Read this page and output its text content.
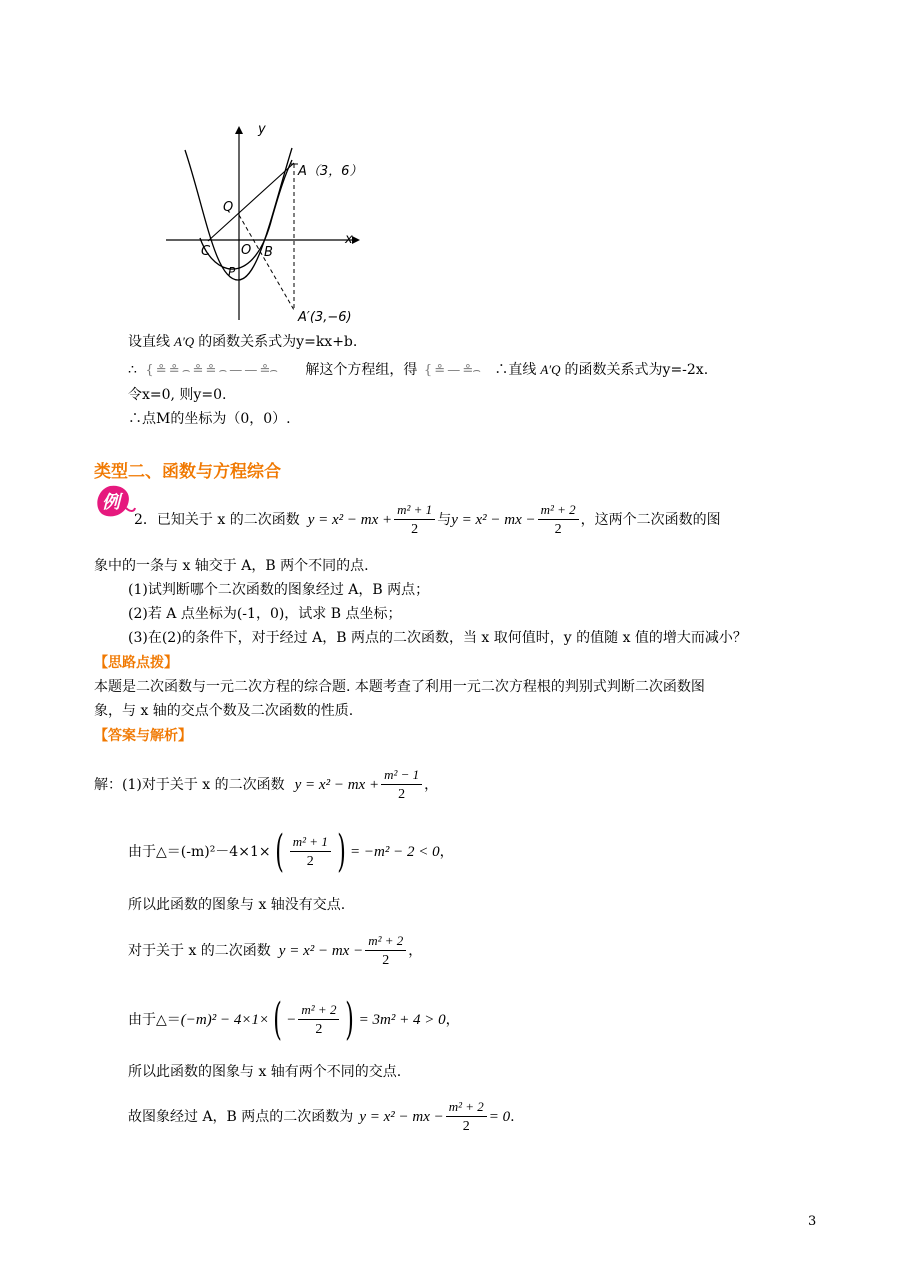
y
x
A（3，6）
Q
C O B
P
A′(3,−6)
设直线 A′Q 的函数关系式为y=kx+b.
∴ { ≗ ≗ ⌢ ≗ ≗ ⌢ — — ≗⌢ 解这个方程组，得 { ≗ — ≗⌢ ∴直线 A′Q 的函数关系式为y=-2x.
令x=0, 则y=0.
∴点M的坐标为（0，0）.
类型二、函数与方程综合
例
2．已知关于 x 的二次函数 y = x² − mx + $\frac{\text{m² + 1}}{2}$ 与 y = x² − mx − $\frac{\text{m² + 2}}{2}$ ，这两个二次函数的图
象中的一条与 x 轴交于 A，B 两个不同的点.
(1)试判断哪个二次函数的图象经过 A，B 两点；
(2)若 A 点坐标为(-1，0)，试求 B 点坐标；
(3)在(2)的条件下，对于经过 A，B 两点的二次函数，当 x 取何值时，y 的值随 x 值的增大而减小？
【思路点拨】
本题是二次函数与一元二次方程的综合题. 本题考查了利用一元二次方程根的判别式判断二次函数图
象，与 x 轴的交点个数及二次函数的性质.
【答案与解析】
解：(1)对于关于 x 的二次函数 y = x² − mx + $\frac{\text{m² − 1}}{2}$ ，
由于△＝(-m)²－4×1× ( $\frac{\text{m² + 1}}{2}$ ) = −m² − 2 < 0 ，
所以此函数的图象与 x 轴没有交点.
对于关于 x 的二次函数 y = x² − mx − $\frac{\text{m² + 2}}{2}$ ，
由于△＝ (−m)² − 4×1× ( − $\frac{\text{m² + 2}}{2}$ ) = 3m² + 4 > 0 ，
所以此函数的图象与 x 轴有两个不同的交点.
故图象经过 A，B 两点的二次函数为 y = x² − mx − $\frac{\text{m² + 2}}{2} = 0$ .
3
